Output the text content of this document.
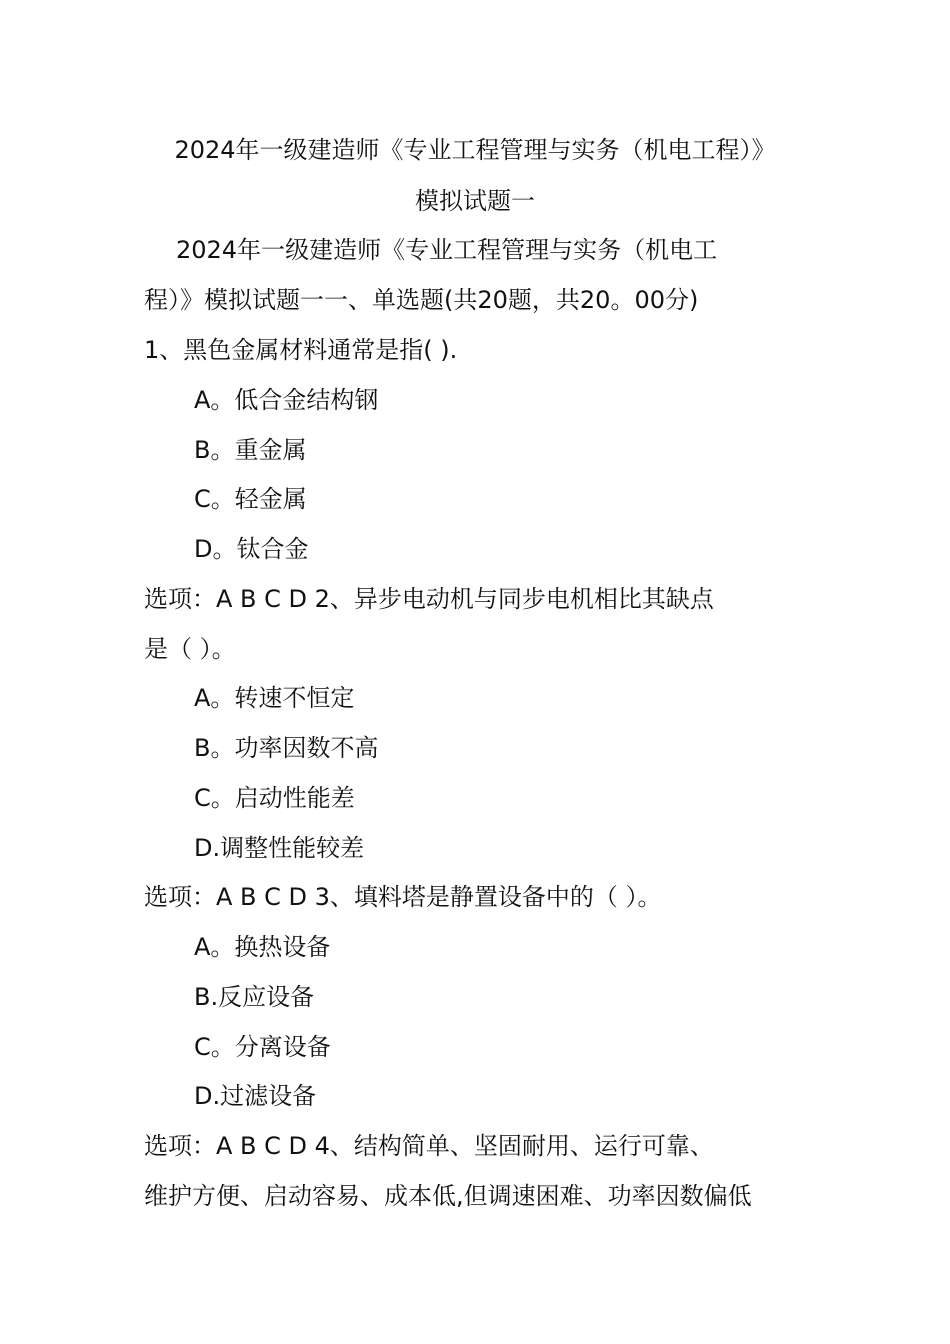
2024年一级建造师《专业工程管理与实务（机电工程）》
模拟试题一
2024年一级建造师《专业工程管理与实务（机电工
程）》模拟试题一一、单选题(共20题，共20。00分)
1、黑色金属材料通常是指( ).
A。低合金结构钢
B。重金属
C。轻金属
D。钛合金
选项：A B C D 2、异步电动机与同步电机相比其缺点
是（ ）。
A。转速不恒定
B。功率因数不高
C。启动性能差
D.调整性能较差
选项：A B C D 3、填料塔是静置设备中的（ ）。
A。换热设备
B.反应设备
C。分离设备
D.过滤设备
选项：A B C D 4、结构简单、坚固耐用、运行可靠、
维护方便、启动容易、成本低,但调速困难、功率因数偏低
